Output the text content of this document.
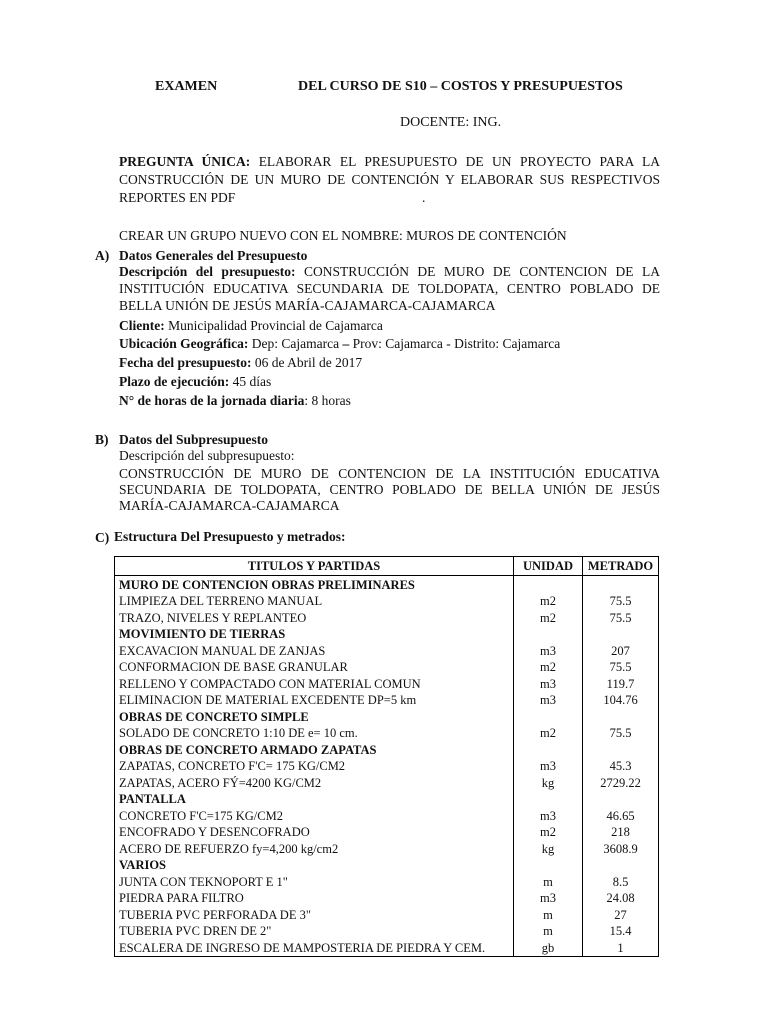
EXAMEN	DEL CURSO DE S10 – COSTOS Y PRESUPUESTOS
DOCENTE: ING.
PREGUNTA ÚNICA: ELABORAR EL PRESUPUESTO DE UN PROYECTO PARA LA
CONSTRUCCIÓN DE UN MURO DE CONTENCIÓN Y ELABORAR SUS RESPECTIVOS
REPORTES EN PDF	.
CREAR UN GRUPO NUEVO CON EL NOMBRE: MUROS DE CONTENCIÓN
A) Datos Generales del Presupuesto
Descripción del presupuesto: CONSTRUCCIÓN DE MURO DE CONTENCION DE LA
INSTITUCIÓN EDUCATIVA SECUNDARIA DE TOLDOPATA, CENTRO POBLADO DE
BELLA UNIÓN DE JESÚS MARÍA-CAJAMARCA-CAJAMARCA
Cliente: Municipalidad Provincial de Cajamarca
Ubicación Geográfica: Dep: Cajamarca – Prov: Cajamarca - Distrito: Cajamarca
Fecha del presupuesto: 06 de Abril de 2017
Plazo de ejecución: 45 días
N° de horas de la jornada diaria: 8 horas
B) Datos del Subpresupuesto
Descripción del subpresupuesto:
CONSTRUCCIÓN DE MURO DE CONTENCION DE LA INSTITUCIÓN EDUCATIVA
SECUNDARIA DE TOLDOPATA, CENTRO POBLADO DE BELLA UNIÓN DE JESÚS
MARÍA-CAJAMARCA-CAJAMARCA
C) Estructura Del Presupuesto y metrados:
TITULOS Y PARTIDAS	UNIDAD	METRADO
MURO DE CONTENCION OBRAS PRELIMINARES		
LIMPIEZA DEL TERRENO MANUAL	m2	75.5
TRAZO, NIVELES Y REPLANTEO	m2	75.5
MOVIMIENTO DE TIERRAS		
EXCAVACION MANUAL DE ZANJAS	m3	207
CONFORMACION DE BASE GRANULAR	m2	75.5
RELLENO Y COMPACTADO CON MATERIAL COMUN	m3	119.7
ELIMINACION DE MATERIAL EXCEDENTE DP=5 km	m3	104.76
OBRAS DE CONCRETO SIMPLE		
SOLADO DE CONCRETO 1:10 DE e= 10 cm.	m2	75.5
OBRAS DE CONCRETO ARMADO ZAPATAS		
ZAPATAS, CONCRETO F'C= 175 KG/CM2	m3	45.3
ZAPATAS, ACERO FÝ=4200 KG/CM2	kg	2729.22
PANTALLA		
CONCRETO F'C=175 KG/CM2	m3	46.65
ENCOFRADO Y DESENCOFRADO	m2	218
ACERO DE REFUERZO fy=4,200 kg/cm2	kg	3608.9
VARIOS		
JUNTA CON TEKNOPORT E 1"	m	8.5
PIEDRA PARA FILTRO	m3	24.08
TUBERIA PVC PERFORADA DE 3"	m	27
TUBERIA PVC DREN DE 2"	m	15.4
ESCALERA DE INGRESO DE MAMPOSTERIA DE PIEDRA Y CEM.	gb	1
